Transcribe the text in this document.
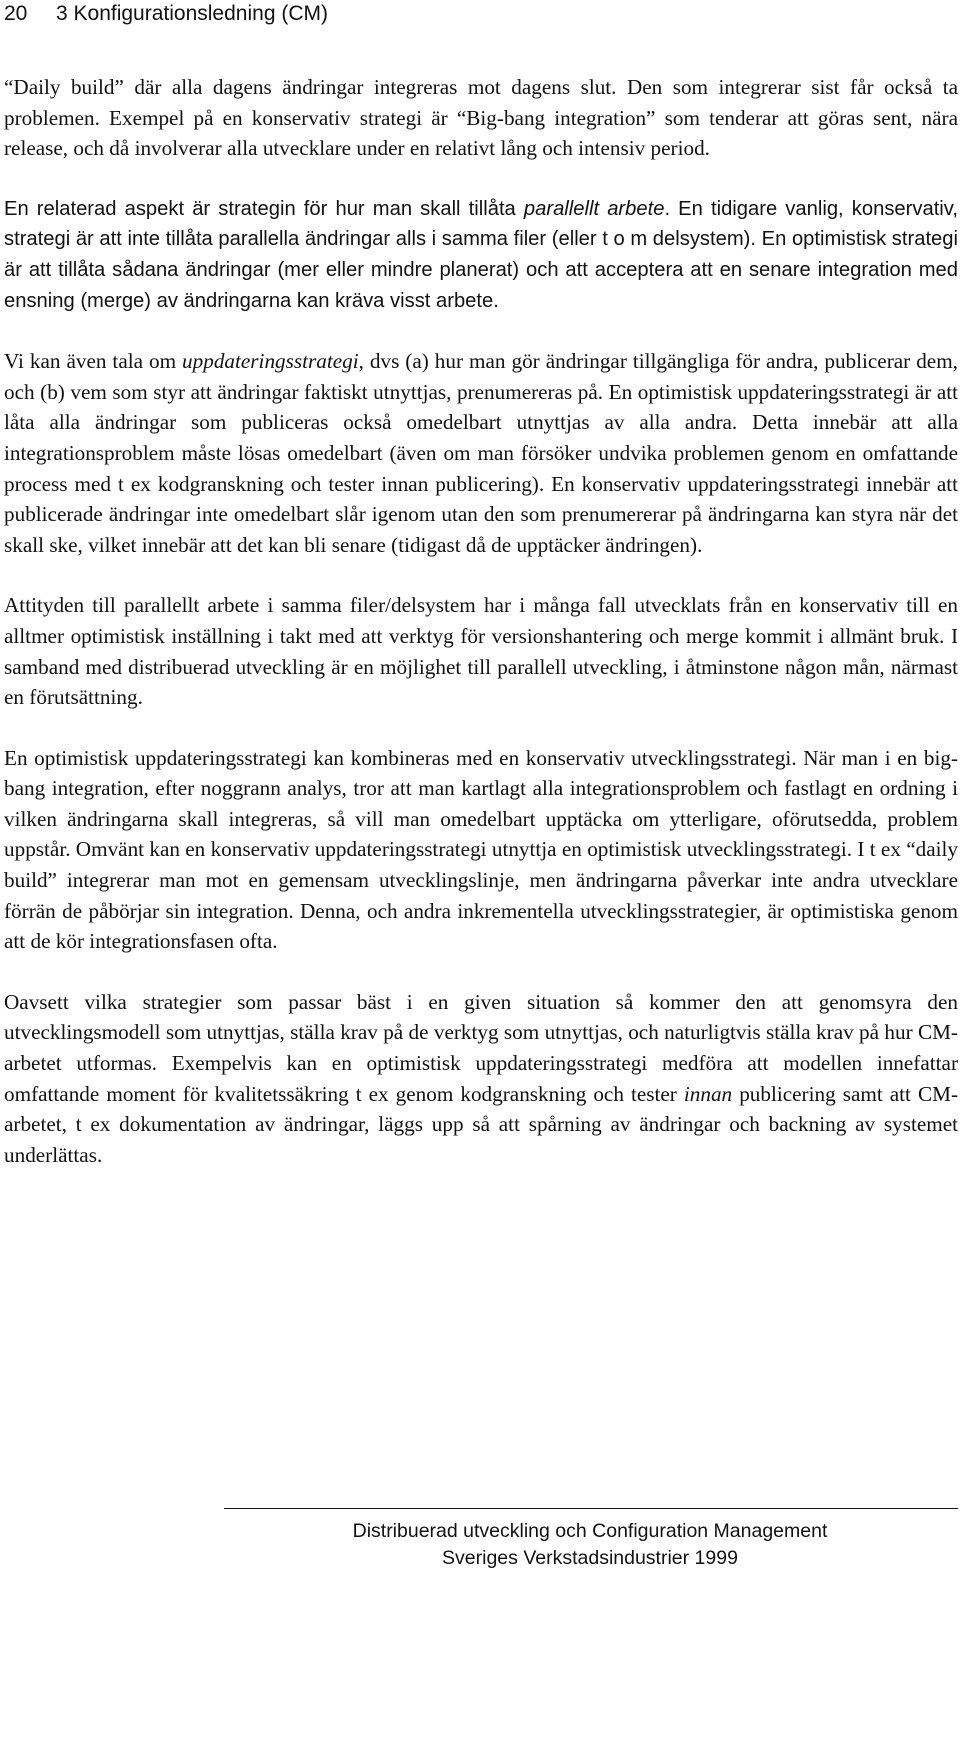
20 3 Konfigurationsledning (CM)

“Daily build” där alla dagens ändringar integreras mot dagens slut. Den som integrerar sist får också ta problemen. Exempel på en konservativ strategi är “Big-bang integration” som tenderar att göras sent, nära release, och då involverar alla utvecklare under en relativt lång och intensiv period.

En relaterad aspekt är strategin för hur man skall tillåta parallellt arbete. En tidigare vanlig, konservativ, strategi är att inte tillåta parallella ändringar alls i samma filer (eller t o m delsystem). En optimistisk strategi är att tillåta sådana ändringar (mer eller mindre planerat) och att acceptera att en senare integration med ensning (merge) av ändringarna kan kräva visst arbete.

Vi kan även tala om uppdateringsstrategi, dvs (a) hur man gör ändringar tillgängliga för andra, publicerar dem, och (b) vem som styr att ändringar faktiskt utnyttjas, prenumereras på. En optimistisk uppdateringsstrategi är att låta alla ändringar som publiceras också omedelbart utnyttjas av alla andra. Detta innebär att alla integrationsproblem måste lösas omedelbart (även om man försöker undvika problemen genom en omfattande process med t ex kodgranskning och tester innan publicering). En konservativ uppdateringsstrategi innebär att publicerade ändringar inte omedelbart slår igenom utan den som prenumererar på ändringarna kan styra när det skall ske, vilket innebär att det kan bli senare (tidigast då de upptäcker ändringen).

Attityden till parallellt arbete i samma filer/delsystem har i många fall utvecklats från en konservativ till en alltmer optimistisk inställning i takt med att verktyg för versionshantering och merge kommit i allmänt bruk. I samband med distribuerad utveckling är en möjlighet till parallell utveckling, i åtminstone någon mån, närmast en förutsättning.

En optimistisk uppdateringsstrategi kan kombineras med en konservativ utvecklingsstrategi. När man i en big-bang integration, efter noggrann analys, tror att man kartlagt alla integrationsproblem och fastlagt en ordning i vilken ändringarna skall integreras, så vill man omedelbart upptäcka om ytterligare, oförutsedda, problem uppstår. Omvänt kan en konservativ uppdateringsstrategi utnyttja en optimistisk utvecklingsstrategi. I t ex “daily build” integrerar man mot en gemensam utvecklingslinje, men ändringarna påverkar inte andra utvecklare förrän de påbörjar sin integration. Denna, och andra inkrementella utvecklingsstrategier, är optimistiska genom att de kör integrationsfasen ofta.

Oavsett vilka strategier som passar bäst i en given situation så kommer den att genomsyra den utvecklingsmodell som utnyttjas, ställa krav på de verktyg som utnyttjas, och naturligtvis ställa krav på hur CM-arbetet utformas. Exempelvis kan en optimistisk uppdateringsstrategi medföra att modellen innefattar omfattande moment för kvalitetssäkring t ex genom kodgranskning och tester innan publicering samt att CM-arbetet, t ex dokumentation av ändringar, läggs upp så att spårning av ändringar och backning av systemet underlättas.

Distribuerad utveckling och Configuration Management
Sveriges Verkstadsindustrier 1999
